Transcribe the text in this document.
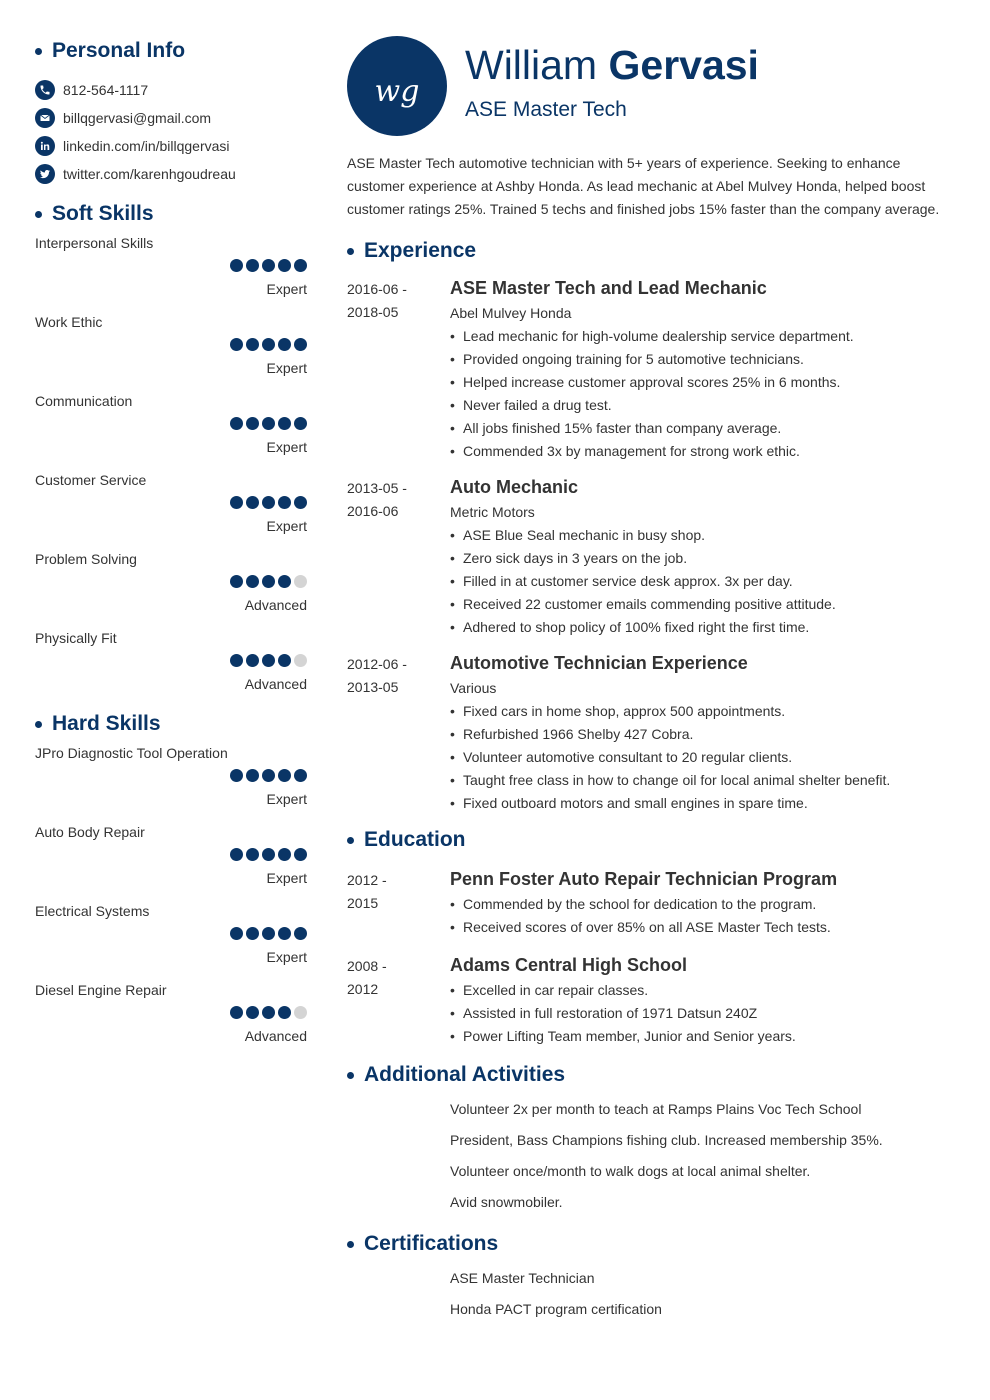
Personal Info
812-564-1117
billqgervasi@gmail.com
linkedin.com/in/billqgervasi
twitter.com/karenhgoudreau
Soft Skills
Interpersonal Skills
Expert
Work Ethic
Expert
Communication
Expert
Customer Service
Expert
Problem Solving
Advanced
Physically Fit
Advanced
Hard Skills
JPro Diagnostic Tool Operation
Expert
Auto Body Repair
Expert
Electrical Systems
Expert
Diesel Engine Repair
Advanced
wg
William Gervasi
ASE Master Tech

ASE Master Tech automotive technician with 5+ years of experience. Seeking to enhance customer experience at Ashby Honda. As lead mechanic at Abel Mulvey Honda, helped boost customer ratings 25%. Trained 5 techs and finished jobs 15% faster than the company average.

Experience
2016-06 -
2018-05
ASE Master Tech and Lead Mechanic
Abel Mulvey Honda
• Lead mechanic for high-volume dealership service department.
• Provided ongoing training for 5 automotive technicians.
• Helped increase customer approval scores 25% in 6 months.
• Never failed a drug test.
• All jobs finished 15% faster than company average.
• Commended 3x by management for strong work ethic.
2013-05 -
2016-06
Auto Mechanic
Metric Motors
• ASE Blue Seal mechanic in busy shop.
• Zero sick days in 3 years on the job.
• Filled in at customer service desk approx. 3x per day.
• Received 22 customer emails commending positive attitude.
• Adhered to shop policy of 100% fixed right the first time.
2012-06 -
2013-05
Automotive Technician Experience
Various
• Fixed cars in home shop, approx 500 appointments.
• Refurbished 1966 Shelby 427 Cobra.
• Volunteer automotive consultant to 20 regular clients.
• Taught free class in how to change oil for local animal shelter benefit.
• Fixed outboard motors and small engines in spare time.
Education
2012 -
2015
Penn Foster Auto Repair Technician Program
• Commended by the school for dedication to the program.
• Received scores of over 85% on all ASE Master Tech tests.
2008 -
2012
Adams Central High School
• Excelled in car repair classes.
• Assisted in full restoration of 1971 Datsun 240Z
• Power Lifting Team member, Junior and Senior years.
Additional Activities
Volunteer 2x per month to teach at Ramps Plains Voc Tech School
President, Bass Champions fishing club. Increased membership 35%.
Volunteer once/month to walk dogs at local animal shelter.
Avid snowmobiler.
Certifications
ASE Master Technician
Honda PACT program certification
